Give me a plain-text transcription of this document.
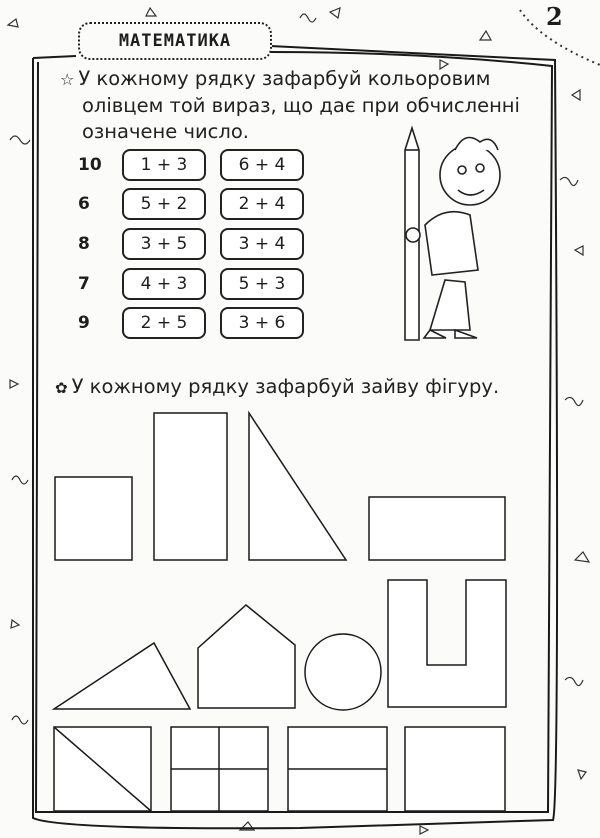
МАТЕМАТИКА
2
☆ У кожному рядку зафарбуй кольоровим
олівцем той вираз, що дає при обчисленні
означене число.
10	1 + 3	6 + 4
6	5 + 2	2 + 4
8	3 + 5	3 + 4
7	4 + 3	5 + 3
9	2 + 5	3 + 6
✿ У кожному рядку зафарбуй зайву фігуру.
